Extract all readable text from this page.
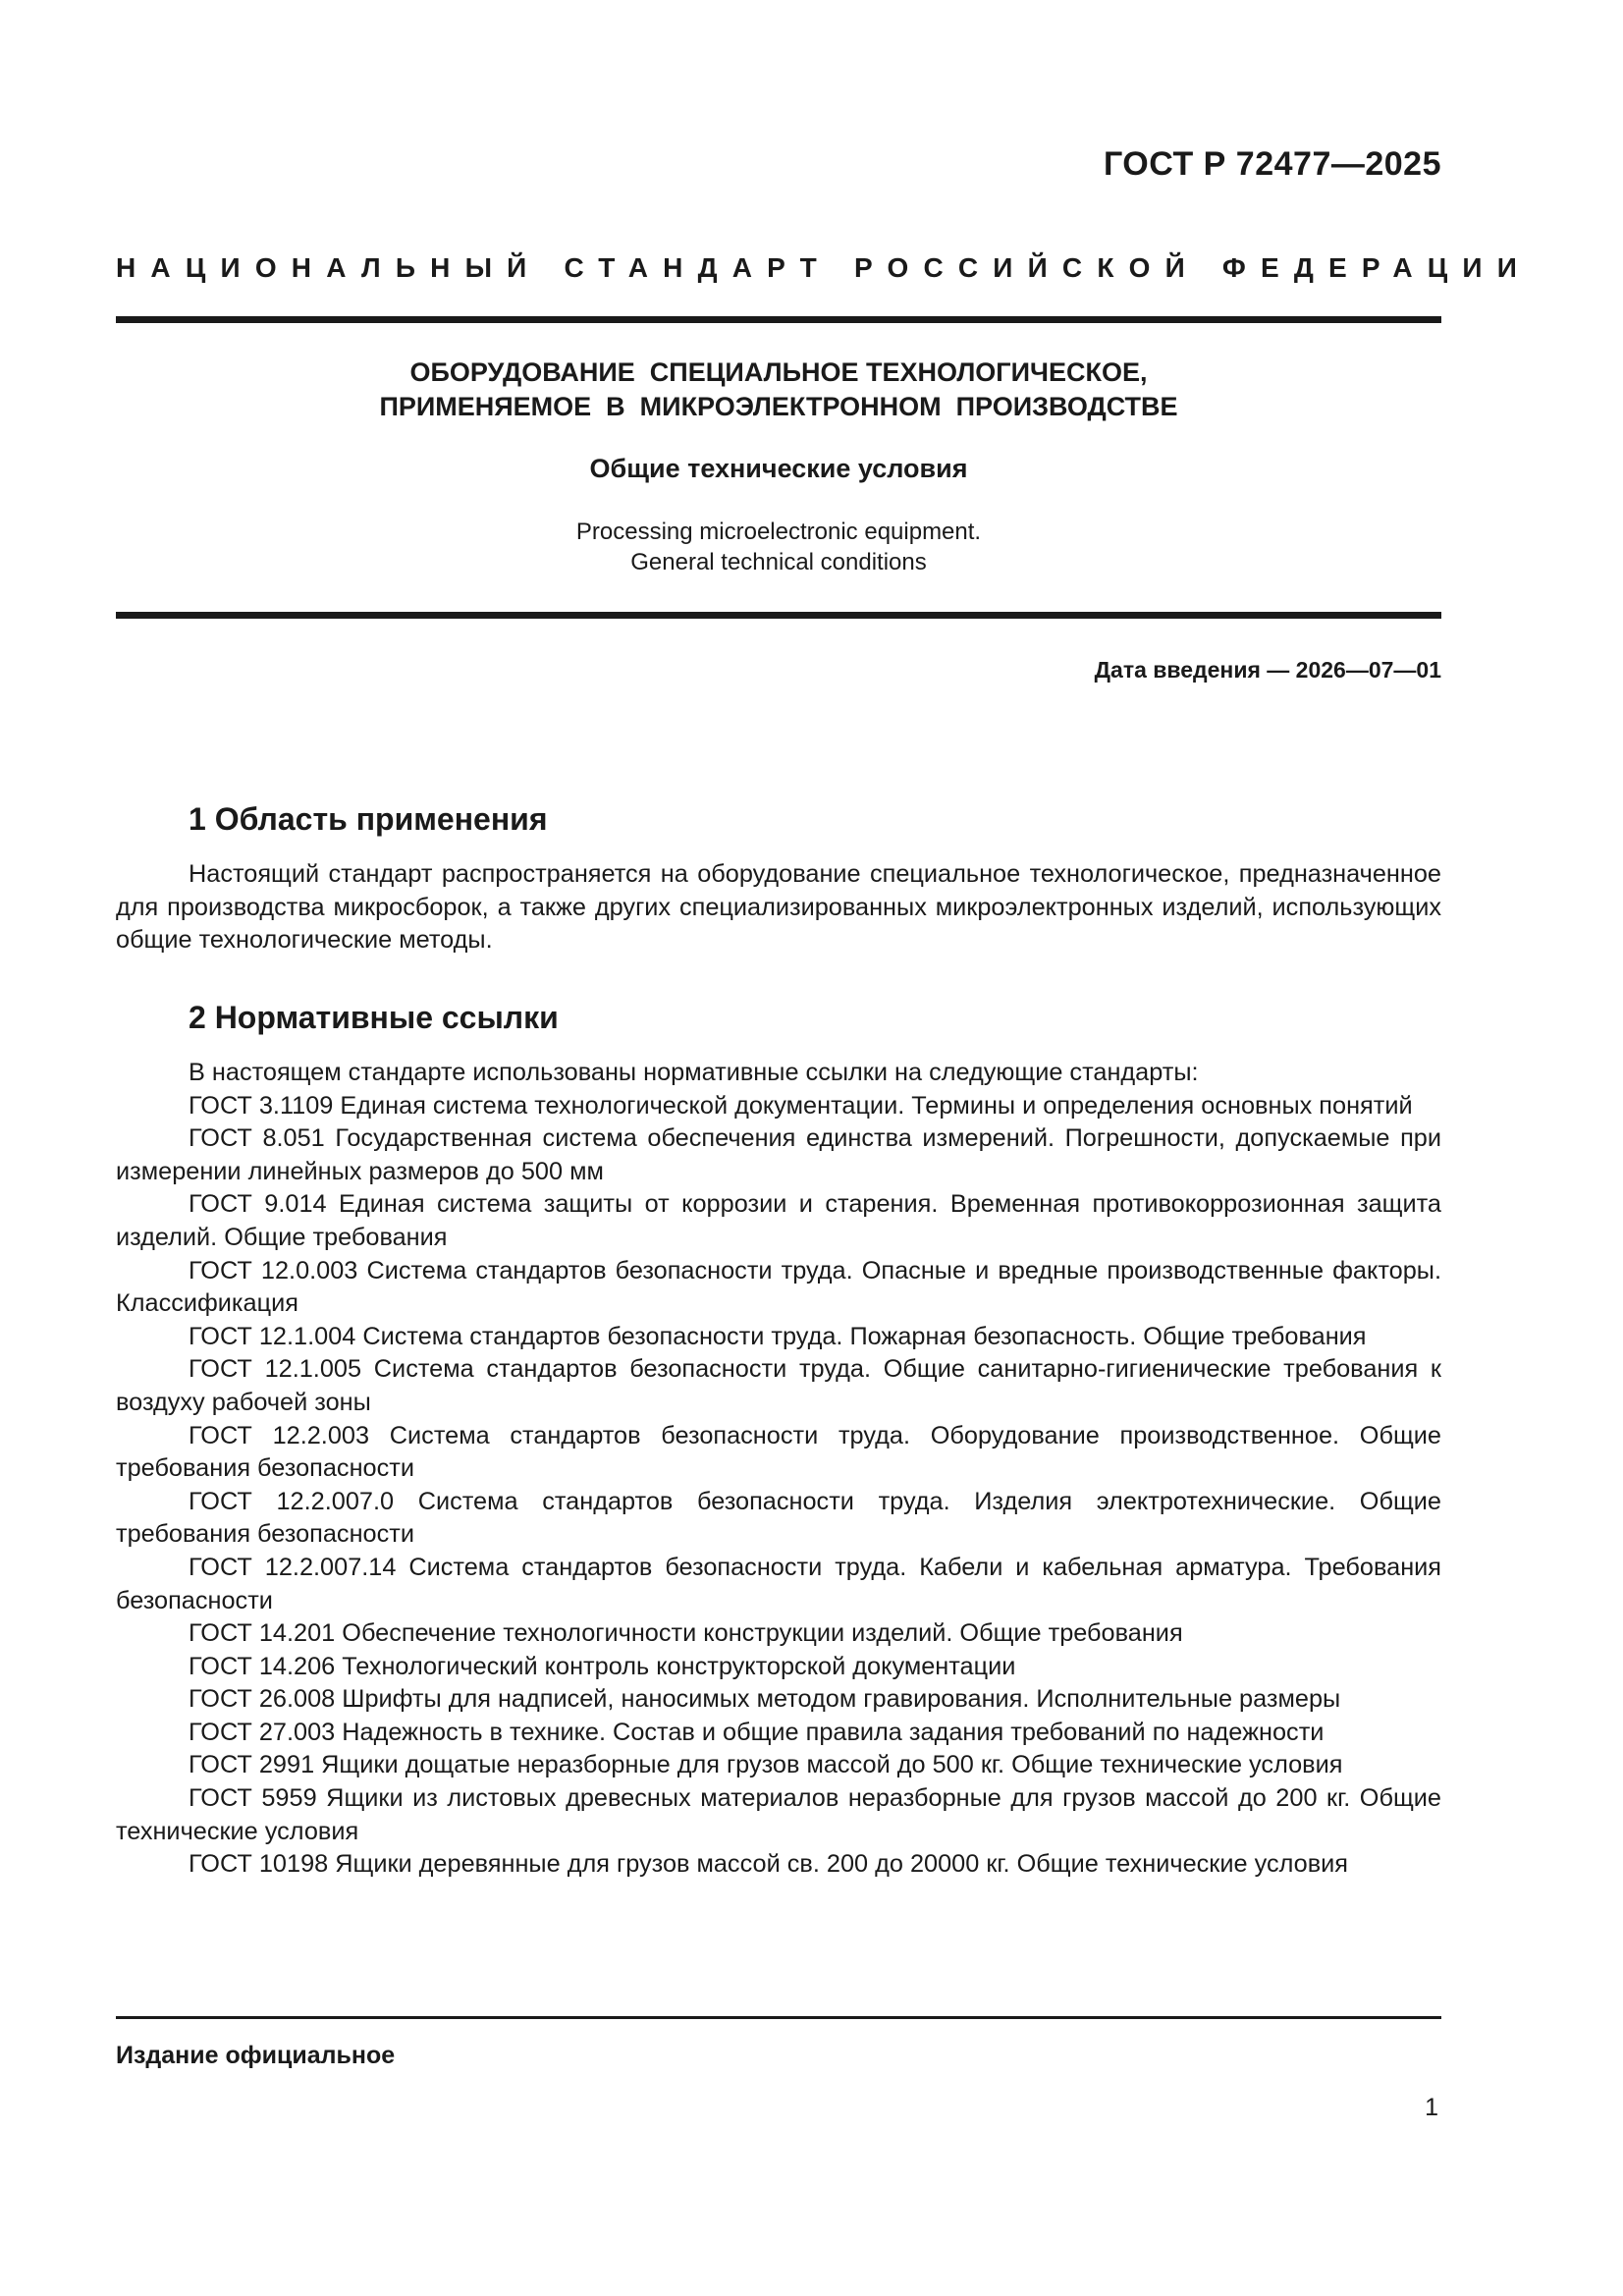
ГОСТ Р 72477—2025
НАЦИОНАЛЬНЫЙ СТАНДАРТ РОССИЙСКОЙ ФЕДЕРАЦИИ
ОБОРУДОВАНИЕ  СПЕЦИАЛЬНОЕ ТЕХНОЛОГИЧЕСКОЕ,
ПРИМЕНЯЕМОЕ  В  МИКРОЭЛЕКТРОННОМ  ПРОИЗВОДСТВЕ
Общие технические условия
Processing microelectronic equipment.
General technical conditions
Дата введения — 2026—07—01
1 Область применения

Настоящий стандарт распространяется на оборудование специальное технологическое, предназначенное для производства микросборок, а также других специализированных микроэлектронных изделий, использующих общие технологические методы.

2 Нормативные ссылки

В настоящем стандарте использованы нормативные ссылки на следующие стандарты:

ГОСТ 3.1109 Единая система технологической документации. Термины и определения основных понятий

ГОСТ 8.051 Государственная система обеспечения единства измерений. Погрешности, допускаемые при измерении линейных размеров до 500 мм

ГОСТ 9.014 Единая система защиты от коррозии и старения. Временная противокоррозионная защита изделий. Общие требования

ГОСТ 12.0.003 Система стандартов безопасности труда. Опасные и вредные производственные факторы. Классификация

ГОСТ 12.1.004 Система стандартов безопасности труда. Пожарная безопасность. Общие требования

ГОСТ 12.1.005 Система стандартов безопасности труда. Общие санитарно-гигиенические требования к воздуху рабочей зоны

ГОСТ 12.2.003 Система стандартов безопасности труда. Оборудование производственное. Общие требования безопасности

ГОСТ 12.2.007.0 Система стандартов безопасности труда. Изделия электротехнические. Общие требования безопасности

ГОСТ 12.2.007.14 Система стандартов безопасности труда. Кабели и кабельная арматура. Требования безопасности

ГОСТ 14.201 Обеспечение технологичности конструкции изделий. Общие требования

ГОСТ 14.206 Технологический контроль конструкторской документации

ГОСТ 26.008 Шрифты для надписей, наносимых методом гравирования. Исполнительные размеры

ГОСТ 27.003 Надежность в технике. Состав и общие правила задания требований по надежности

ГОСТ 2991 Ящики дощатые неразборные для грузов массой до 500 кг. Общие технические условия

ГОСТ 5959 Ящики из листовых древесных материалов неразборные для грузов массой до 200 кг. Общие технические условия

ГОСТ 10198 Ящики деревянные для грузов массой св. 200 до 20000 кг. Общие технические условия

Издание официальное
1
